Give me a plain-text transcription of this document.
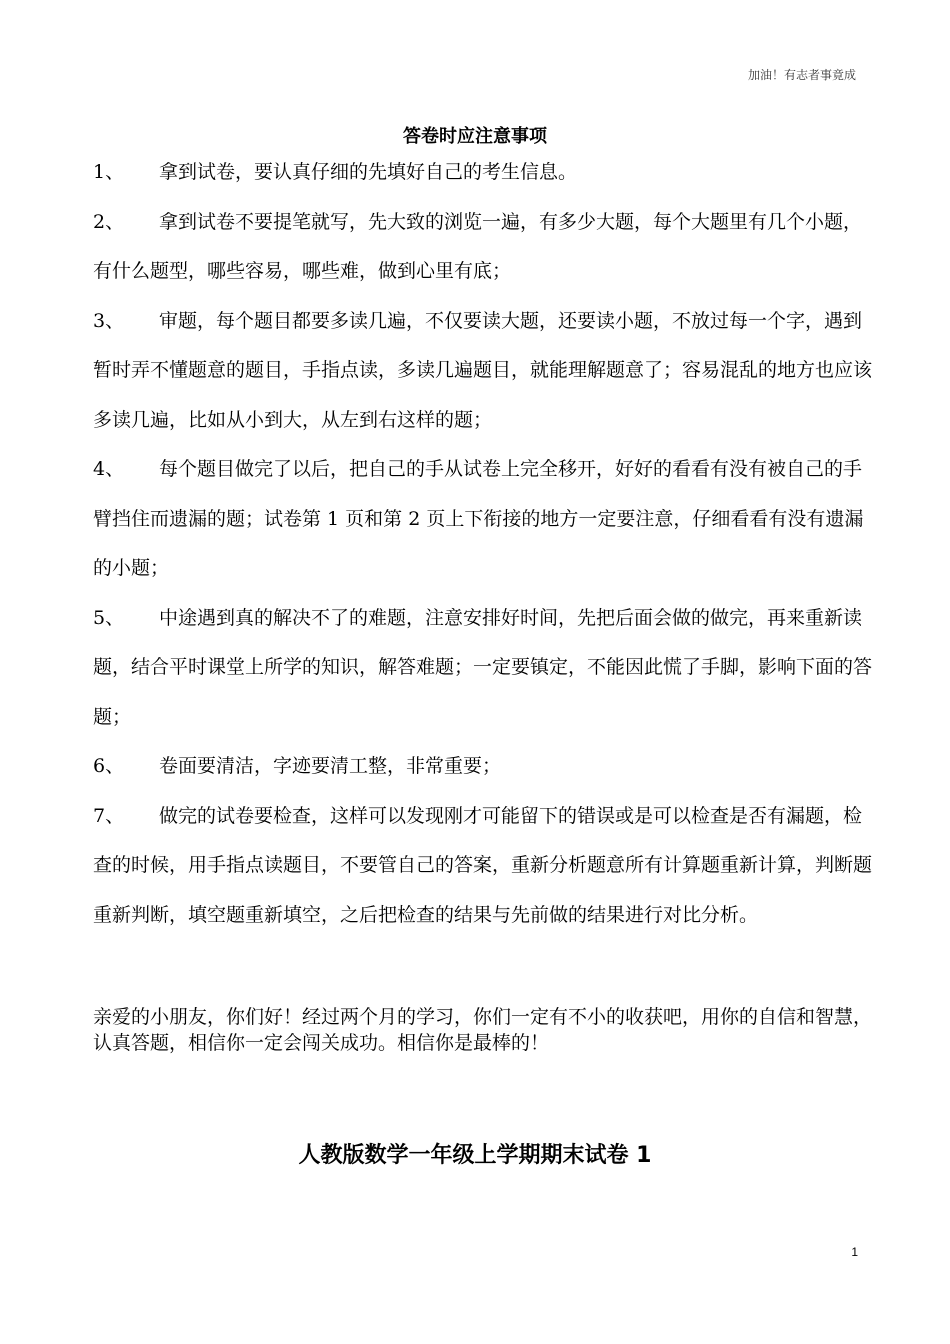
加油！有志者事竟成
答卷时应注意事项

1、 拿到试卷，要认真仔细的先填好自己的考生信息。

2、 拿到试卷不要提笔就写，先大致的浏览一遍，有多少大题，每个大题里有几个小题，有什么题型，哪些容易，哪些难，做到心里有底；

3、 审题，每个题目都要多读几遍，不仅要读大题，还要读小题，不放过每一个字，遇到暂时弄不懂题意的题目，手指点读，多读几遍题目，就能理解题意了；容易混乱的地方也应该多读几遍，比如从小到大，从左到右这样的题；

4、 每个题目做完了以后，把自己的手从试卷上完全移开，好好的看看有没有被自己的手臂挡住而遗漏的题；试卷第 1 页和第 2 页上下衔接的地方一定要注意，仔细看看有没有遗漏的小题；

5、 中途遇到真的解决不了的难题，注意安排好时间，先把后面会做的做完，再来重新读题，结合平时课堂上所学的知识，解答难题；一定要镇定，不能因此慌了手脚，影响下面的答题；

6、 卷面要清洁，字迹要清工整，非常重要；

7、 做完的试卷要检查，这样可以发现刚才可能留下的错误或是可以检查是否有漏题，检查的时候，用手指点读题目，不要管自己的答案，重新分析题意所有计算题重新计算，判断题重新判断，填空题重新填空，之后把检查的结果与先前做的结果进行对比分析。

亲爱的小朋友，你们好！经过两个月的学习，你们一定有不小的收获吧，用你的自信和智慧，认真答题，相信你一定会闯关成功。相信你是最棒的！
人教版数学一年级上学期期末试卷 1
1
